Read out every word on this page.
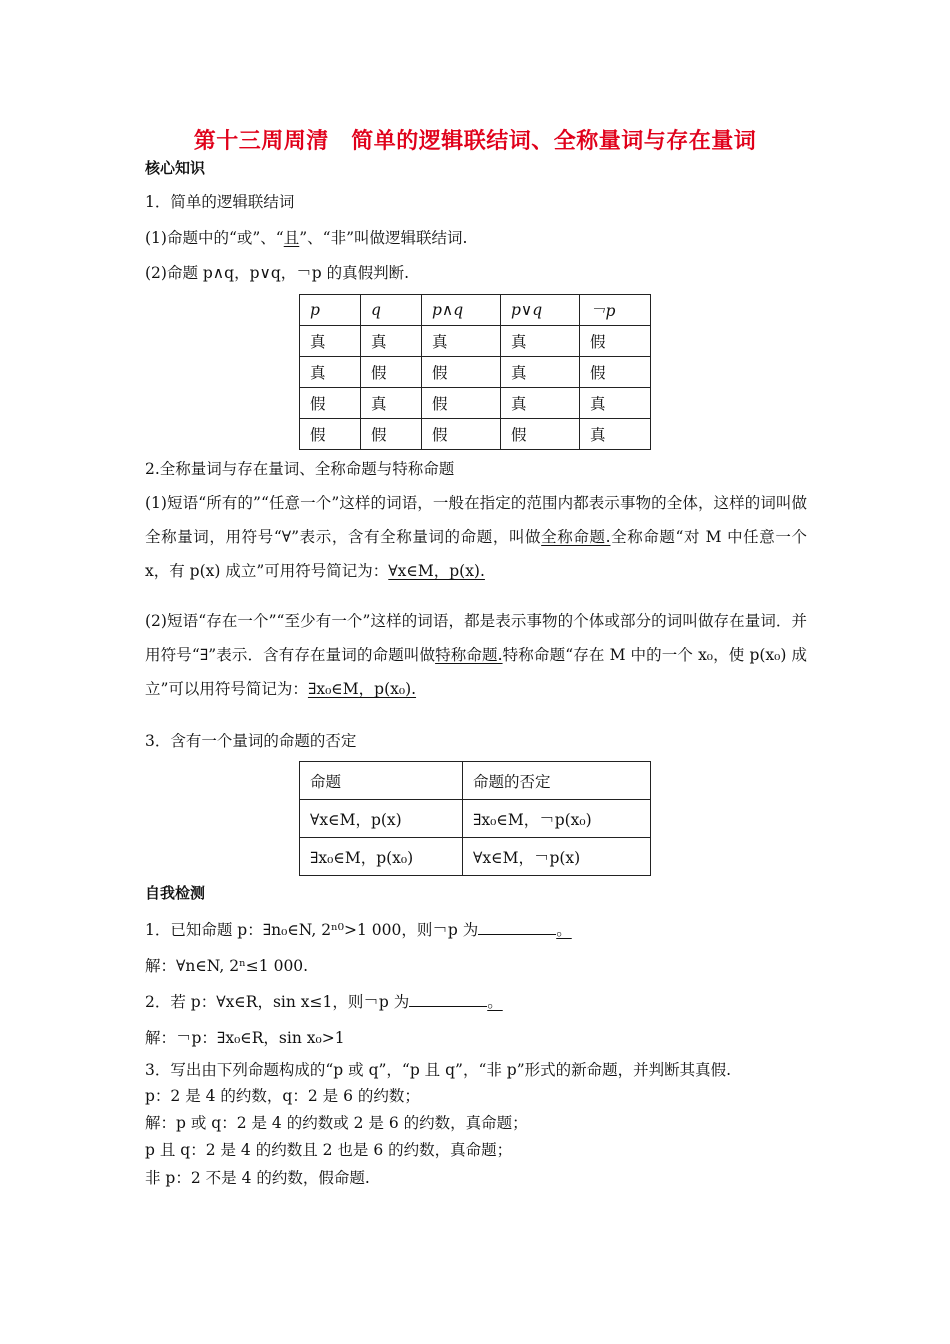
第十三周周清　简单的逻辑联结词、全称量词与存在量词
核心知识
1．简单的逻辑联结词
(1)命题中的“或”、“且”、“非”叫做逻辑联结词.
(2)命题 p∧q，p∨q，￢p 的真假判断.
p	q	p∧q	p∨q	￢p
真	真	真	真	假
真	假	假	真	假
假	真	假	真	真
假	假	假	假	真
2.全称量词与存在量词、全称命题与特称命题
(1)短语“所有的”“任意一个”这样的词语，一般在指定的范围内都表示事物的全体，这样的词叫做全称量词，用符号“∀”表示，含有全称量词的命题，叫做全称命题.全称命题“对 M 中任意一个 x，有 p(x) 成立”可用符号简记为：∀x∈M，p(x).
(2)短语“存在一个”“至少有一个”这样的词语，都是表示事物的个体或部分的词叫做存在量词．并用符号“∃”表示．含有存在量词的命题叫做特称命题.特称命题“存在 M 中的一个 x₀，使 p(x₀) 成立”可以用符号简记为：∃x₀∈M，p(x₀).
3．含有一个量词的命题的否定
命题	命题的否定
∀x∈M，p(x)	∃x₀∈M，￢p(x₀)
∃x₀∈M，p(x₀)	∀x∈M，￢p(x)
自我检测
1．已知命题 p：∃n₀∈N, 2ⁿ⁰>1 000，则￢p 为	。
解：∀n∈N, 2ⁿ≤1 000.
2．若 p：∀x∈R，sin x≤1，则￢p 为	。
解：￢p：∃x₀∈R，sin x₀>1
3．写出由下列命题构成的“p 或 q”，“p 且 q”，“非 p”形式的新命题，并判断其真假.
p：2 是 4 的约数，q：2 是 6 的约数；
解：p 或 q：2 是 4 的约数或 2 是 6 的约数，真命题；
p 且 q：2 是 4 的约数且 2 也是 6 的约数，真命题；
非 p：2 不是 4 的约数，假命题.
